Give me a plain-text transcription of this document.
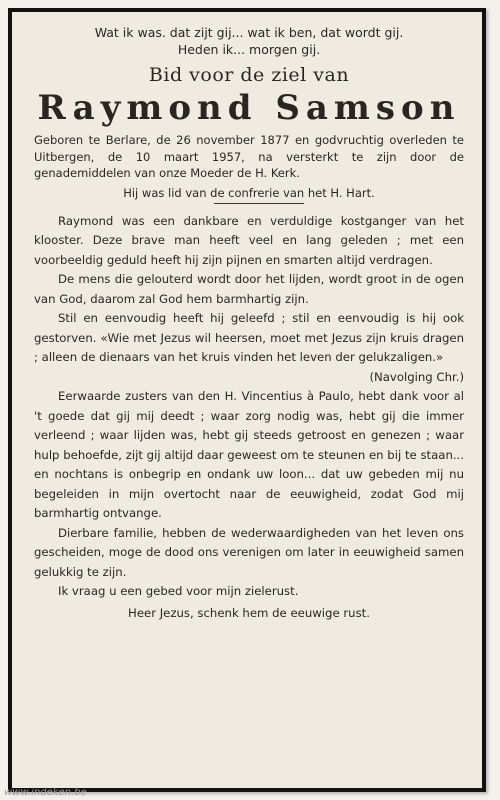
Wat ik was. dat zijt gij... wat ik ben, dat wordt gij.
Heden ik... morgen gij.
Bid voor de ziel van
Raymond Samson
Geboren te Berlare, de 26 november 1877 en godvruchtig overleden te Uitbergen, de 10 maart 1957, na versterkt te zijn door de genademiddelen van onze Moeder de H. Kerk.
Hij was lid van de confrerie van het H. Hart.

Raymond was een dankbare en verduldige kostganger van het klooster. Deze brave man heeft veel en lang geleden ; met een voorbeeldig geduld heeft hij zijn pijnen en smarten altijd verdragen.

De mens die gelouterd wordt door het lijden, wordt groot in de ogen van God, daarom zal God hem barmhartig zijn.

Stil en eenvoudig heeft hij geleefd ; stil en eenvoudig is hij ook gestorven. «Wie met Jezus wil heersen, moet met Jezus zijn kruis dragen ; alleen de dienaars van het kruis vinden het leven der gelukzaligen.»

(Navolging Chr.)

Eerwaarde zusters van den H. Vincentius à Paulo, hebt dank voor al 't goede dat gij mij deedt ; waar zorg nodig was, hebt gij die immer verleend ; waar lijden was, hebt gij steeds getroost en genezen ; waar hulp behoefde, zijt gij altijd daar geweest om te steunen en bij te staan... en nochtans is onbegrip en ondank uw loon... dat uw gebeden mij nu begeleiden in mijn overtocht naar de eeuwigheid, zodat God mij barmhartig ontvange.

Dierbare familie, hebben de wederwaardigheden van het leven ons gescheiden, moge de dood ons verenigen om later in eeuwigheid samen gelukkig te zijn.

Ik vraag u een gebed voor mijn zielerust.

Heer Jezus, schenk hem de eeuwige rust.
www.indeken.be
